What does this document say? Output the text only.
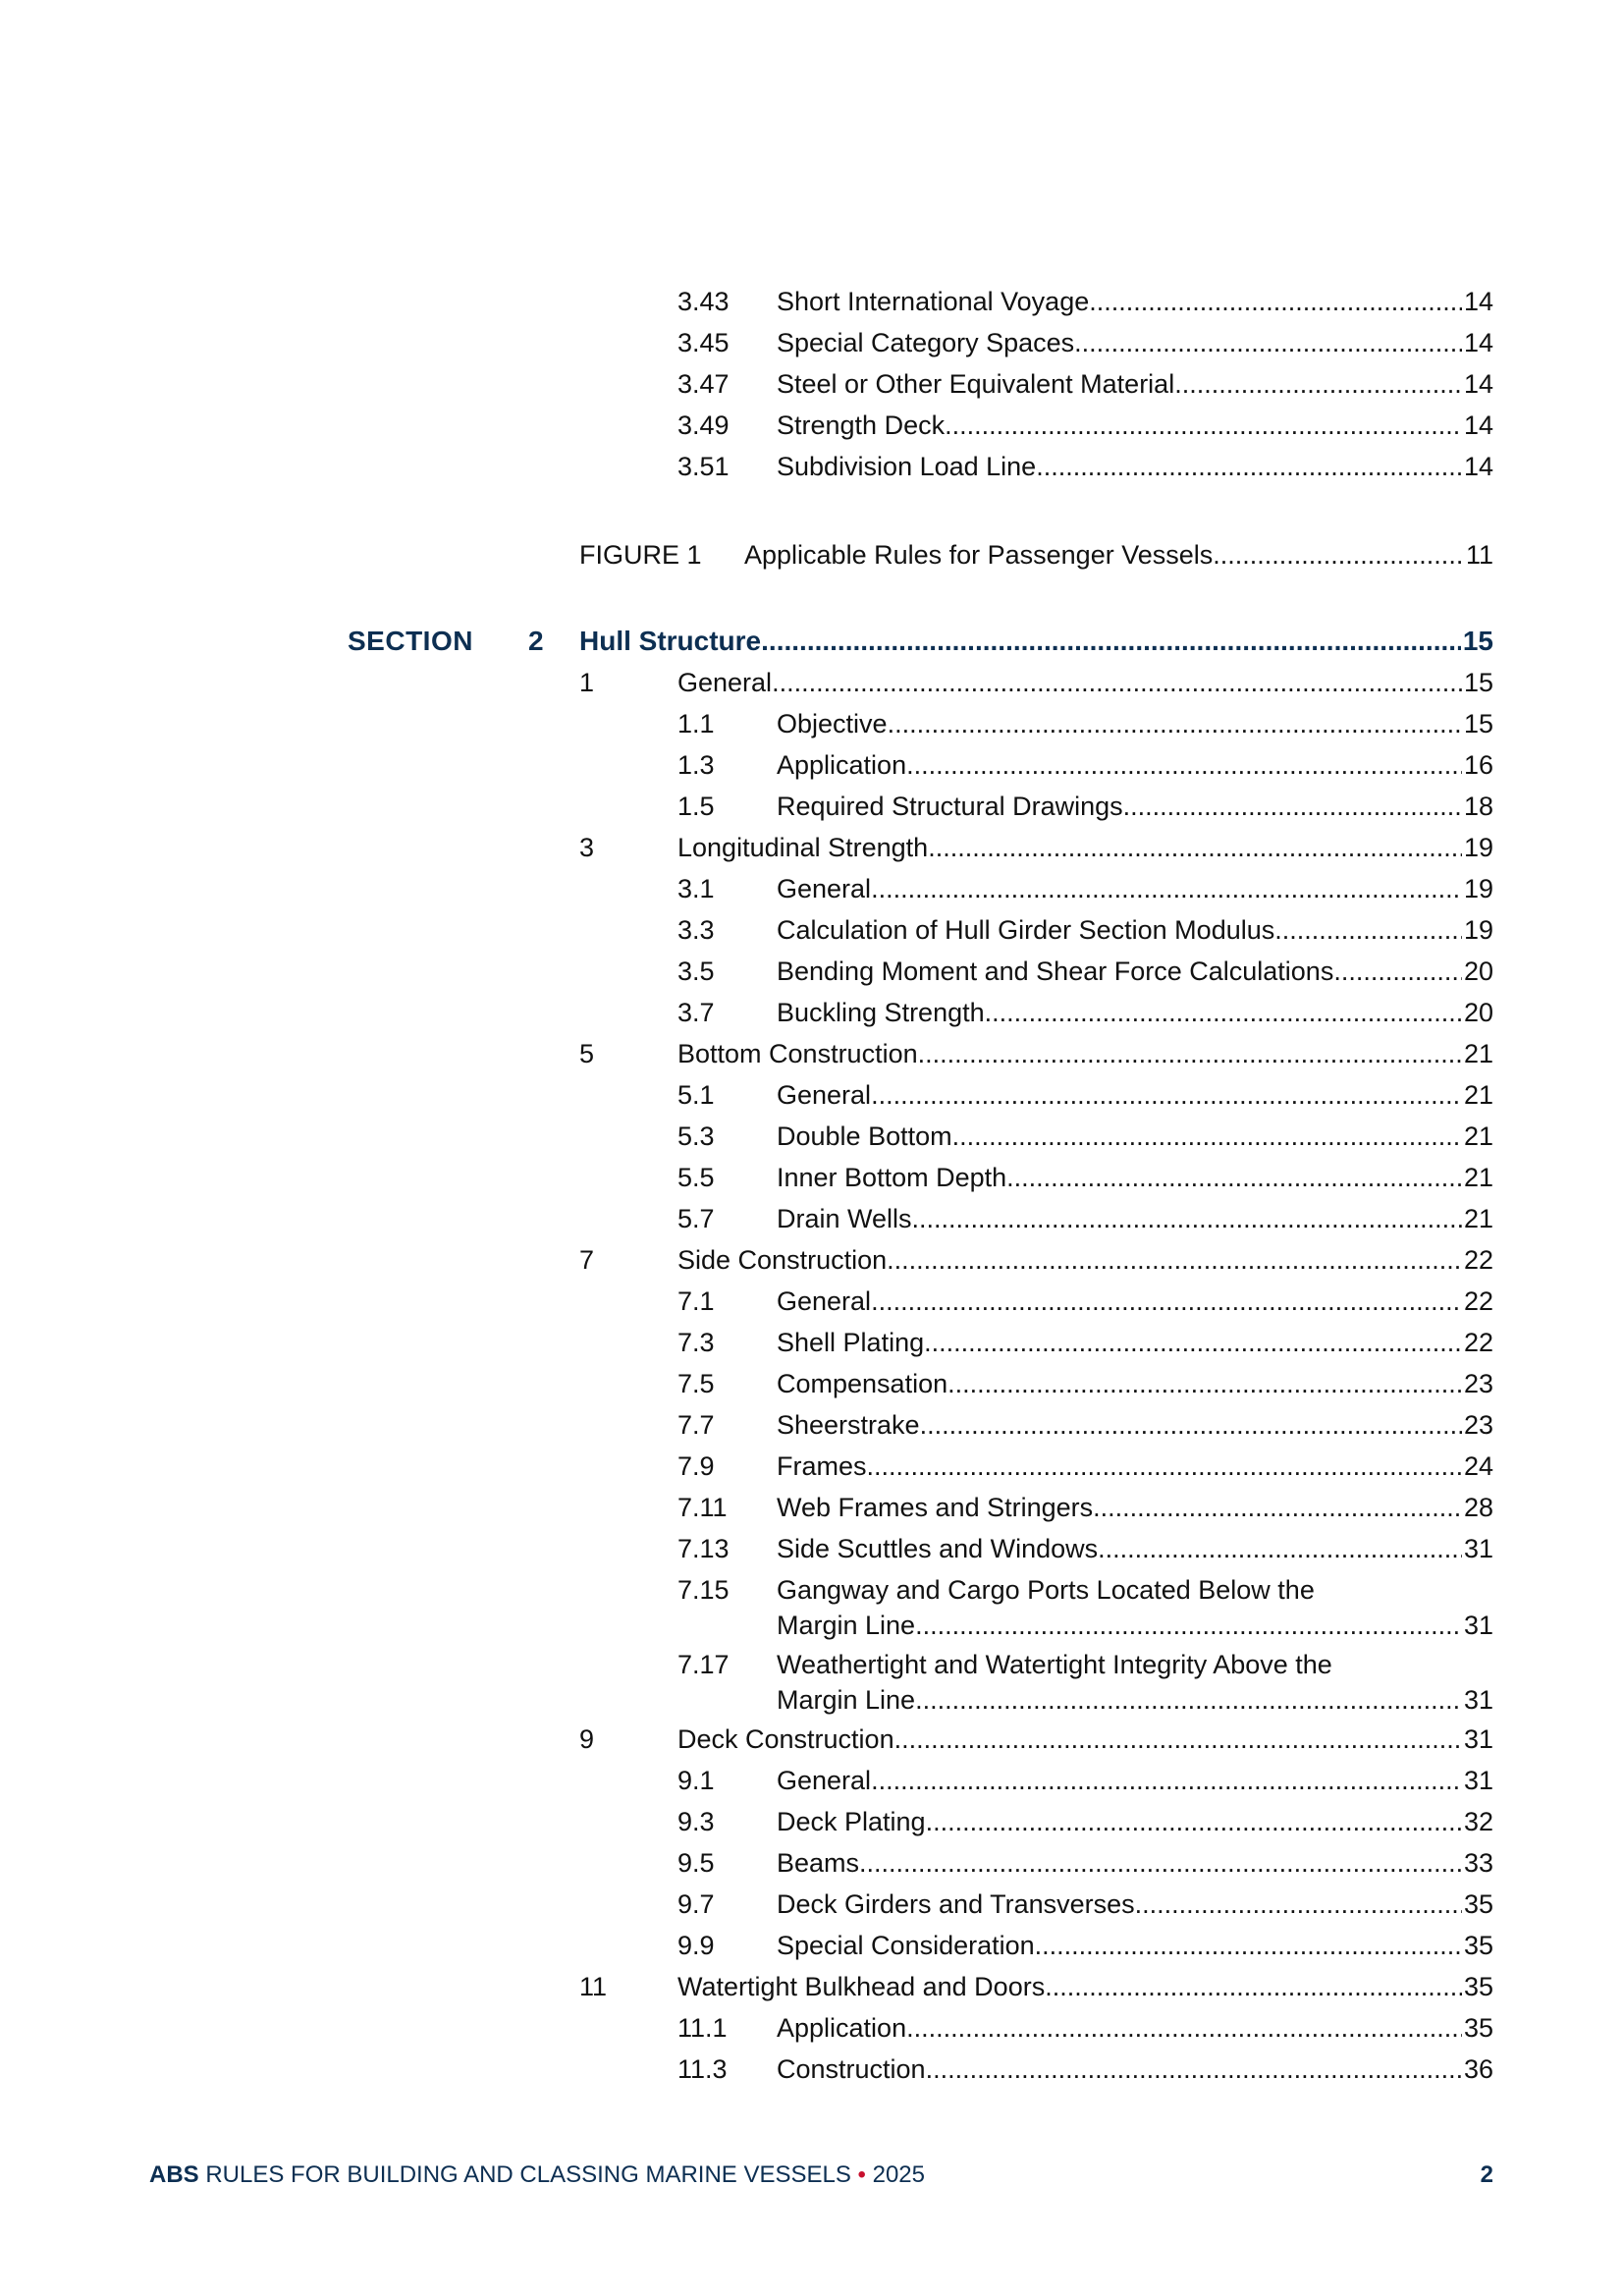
3.43 Short International Voyage .....	14
3.45 Special Category Spaces .....	14
3.47 Steel or Other Equivalent Material .....	14
3.49 Strength Deck .....	14
3.51 Subdivision Load Line .....	14
FIGURE 1 Applicable Rules for Passenger Vessels .....	11
SECTION 2 Hull Structure .....	15
1	General .....	15
1.1 Objective .....	15
1.3 Application .....	16
1.5 Required Structural Drawings .....	18
3	Longitudinal Strength .....	19
3.1 General .....	19
3.3 Calculation of Hull Girder Section Modulus .....	19
3.5 Bending Moment and Shear Force Calculations .....	20
3.7 Buckling Strength .....	20
5	Bottom Construction .....	21
5.1 General .....	21
5.3 Double Bottom .....	21
5.5 Inner Bottom Depth .....	21
5.7 Drain Wells .....	21
7	Side Construction .....	22
7.1 General .....	22
7.3 Shell Plating .....	22
7.5 Compensation .....	23
7.7 Sheerstrake .....	23
7.9 Frames .....	24
7.11 Web Frames and Stringers .....	28
7.13 Side Scuttles and Windows .....	31
7.15 Gangway and Cargo Ports Located Below the
Margin Line .....	31
7.17 Weathertight and Watertight Integrity Above the
Margin Line .....	31
9	Deck Construction .....	31
9.1 General .....	31
9.3 Deck Plating .....	32
9.5 Beams .....	33
9.7 Deck Girders and Transverses .....	35
9.9 Special Consideration .....	35
11	Watertight Bulkhead and Doors .....	35
11.1 Application .....	35
11.3 Construction .....	36
ABS RULES FOR BUILDING AND CLASSING MARINE VESSELS • 2025	2
